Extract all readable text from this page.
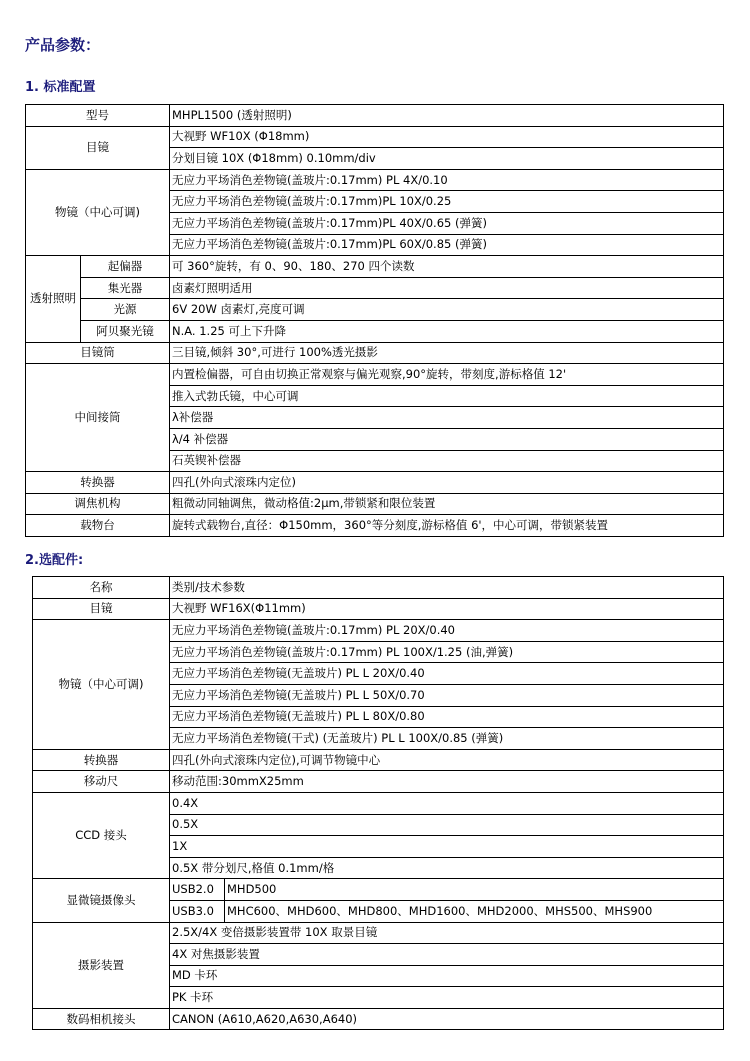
产品参数：
1. 标准配置
型号		MHPL1500 (透射照明)
目镜		大视野 WF10X (Φ18mm)
		分划目镜 10X (Φ18mm) 0.10mm/div
物镜（中心可调)		无应力平场消色差物镜(盖玻片:0.17mm) PL 4X/0.10
		无应力平场消色差物镜(盖玻片:0.17mm)PL 10X/0.25
		无应力平场消色差物镜(盖玻片:0.17mm)PL 40X/0.65 (弹簧)
		无应力平场消色差物镜(盖玻片:0.17mm)PL 60X/0.85 (弹簧)
透射照明	起偏器	可 360°旋转，有 0、90、180、270 四个读数
	集光器	卤素灯照明适用
	光源	6V 20W 卤素灯,亮度可调
	阿贝聚光镜	N.A. 1.25 可上下升降
目镜筒		三目镜,倾斜 30°,可进行 100%透光摄影
中间接筒		内置检偏器，可自由切换正常观察与偏光观察,90°旋转，带刻度,游标格值 12'
		推入式勃氏镜，中心可调
		λ补偿器
		λ/4 补偿器
		石英锲补偿器
转换器		四孔(外向式滚珠内定位)
调焦机构		粗微动同轴调焦，微动格值:2μm,带锁紧和限位装置
载物台		旋转式载物台,直径：Φ150mm，360°等分刻度,游标格值 6'，中心可调，带锁紧装置
2.选配件:
名称	类别/技术参数	
目镜	大视野 WF16X(Φ11mm)	
物镜（中心可调)	无应力平场消色差物镜(盖玻片:0.17mm) PL 20X/0.40	
	无应力平场消色差物镜(盖玻片:0.17mm) PL 100X/1.25 (油,弹簧)	
	无应力平场消色差物镜(无盖玻片) PL L 20X/0.40	
	无应力平场消色差物镜(无盖玻片) PL L 50X/0.70	
	无应力平场消色差物镜(无盖玻片) PL L 80X/0.80	
	无应力平场消色差物镜(干式) (无盖玻片) PL L 100X/0.85 (弹簧)	
转换器	四孔(外向式滚珠内定位),可调节物镜中心	
移动尺	移动范围:30mmX25mm	
CCD 接头	0.4X	
	0.5X	
	1X	
	0.5X 带分划尺,格值 0.1mm/格	
显微镜摄像头	USB2.0	MHD500
	USB3.0	MHC600、MHD600、MHD800、MHD1600、MHD2000、MHS500、MHS900
摄影装置	2.5X/4X 变倍摄影装置带 10X 取景目镜	
	4X 对焦摄影装置	
	MD 卡环	
	PK 卡环	
数码相机接头	CANON (A610,A620,A630,A640)	
